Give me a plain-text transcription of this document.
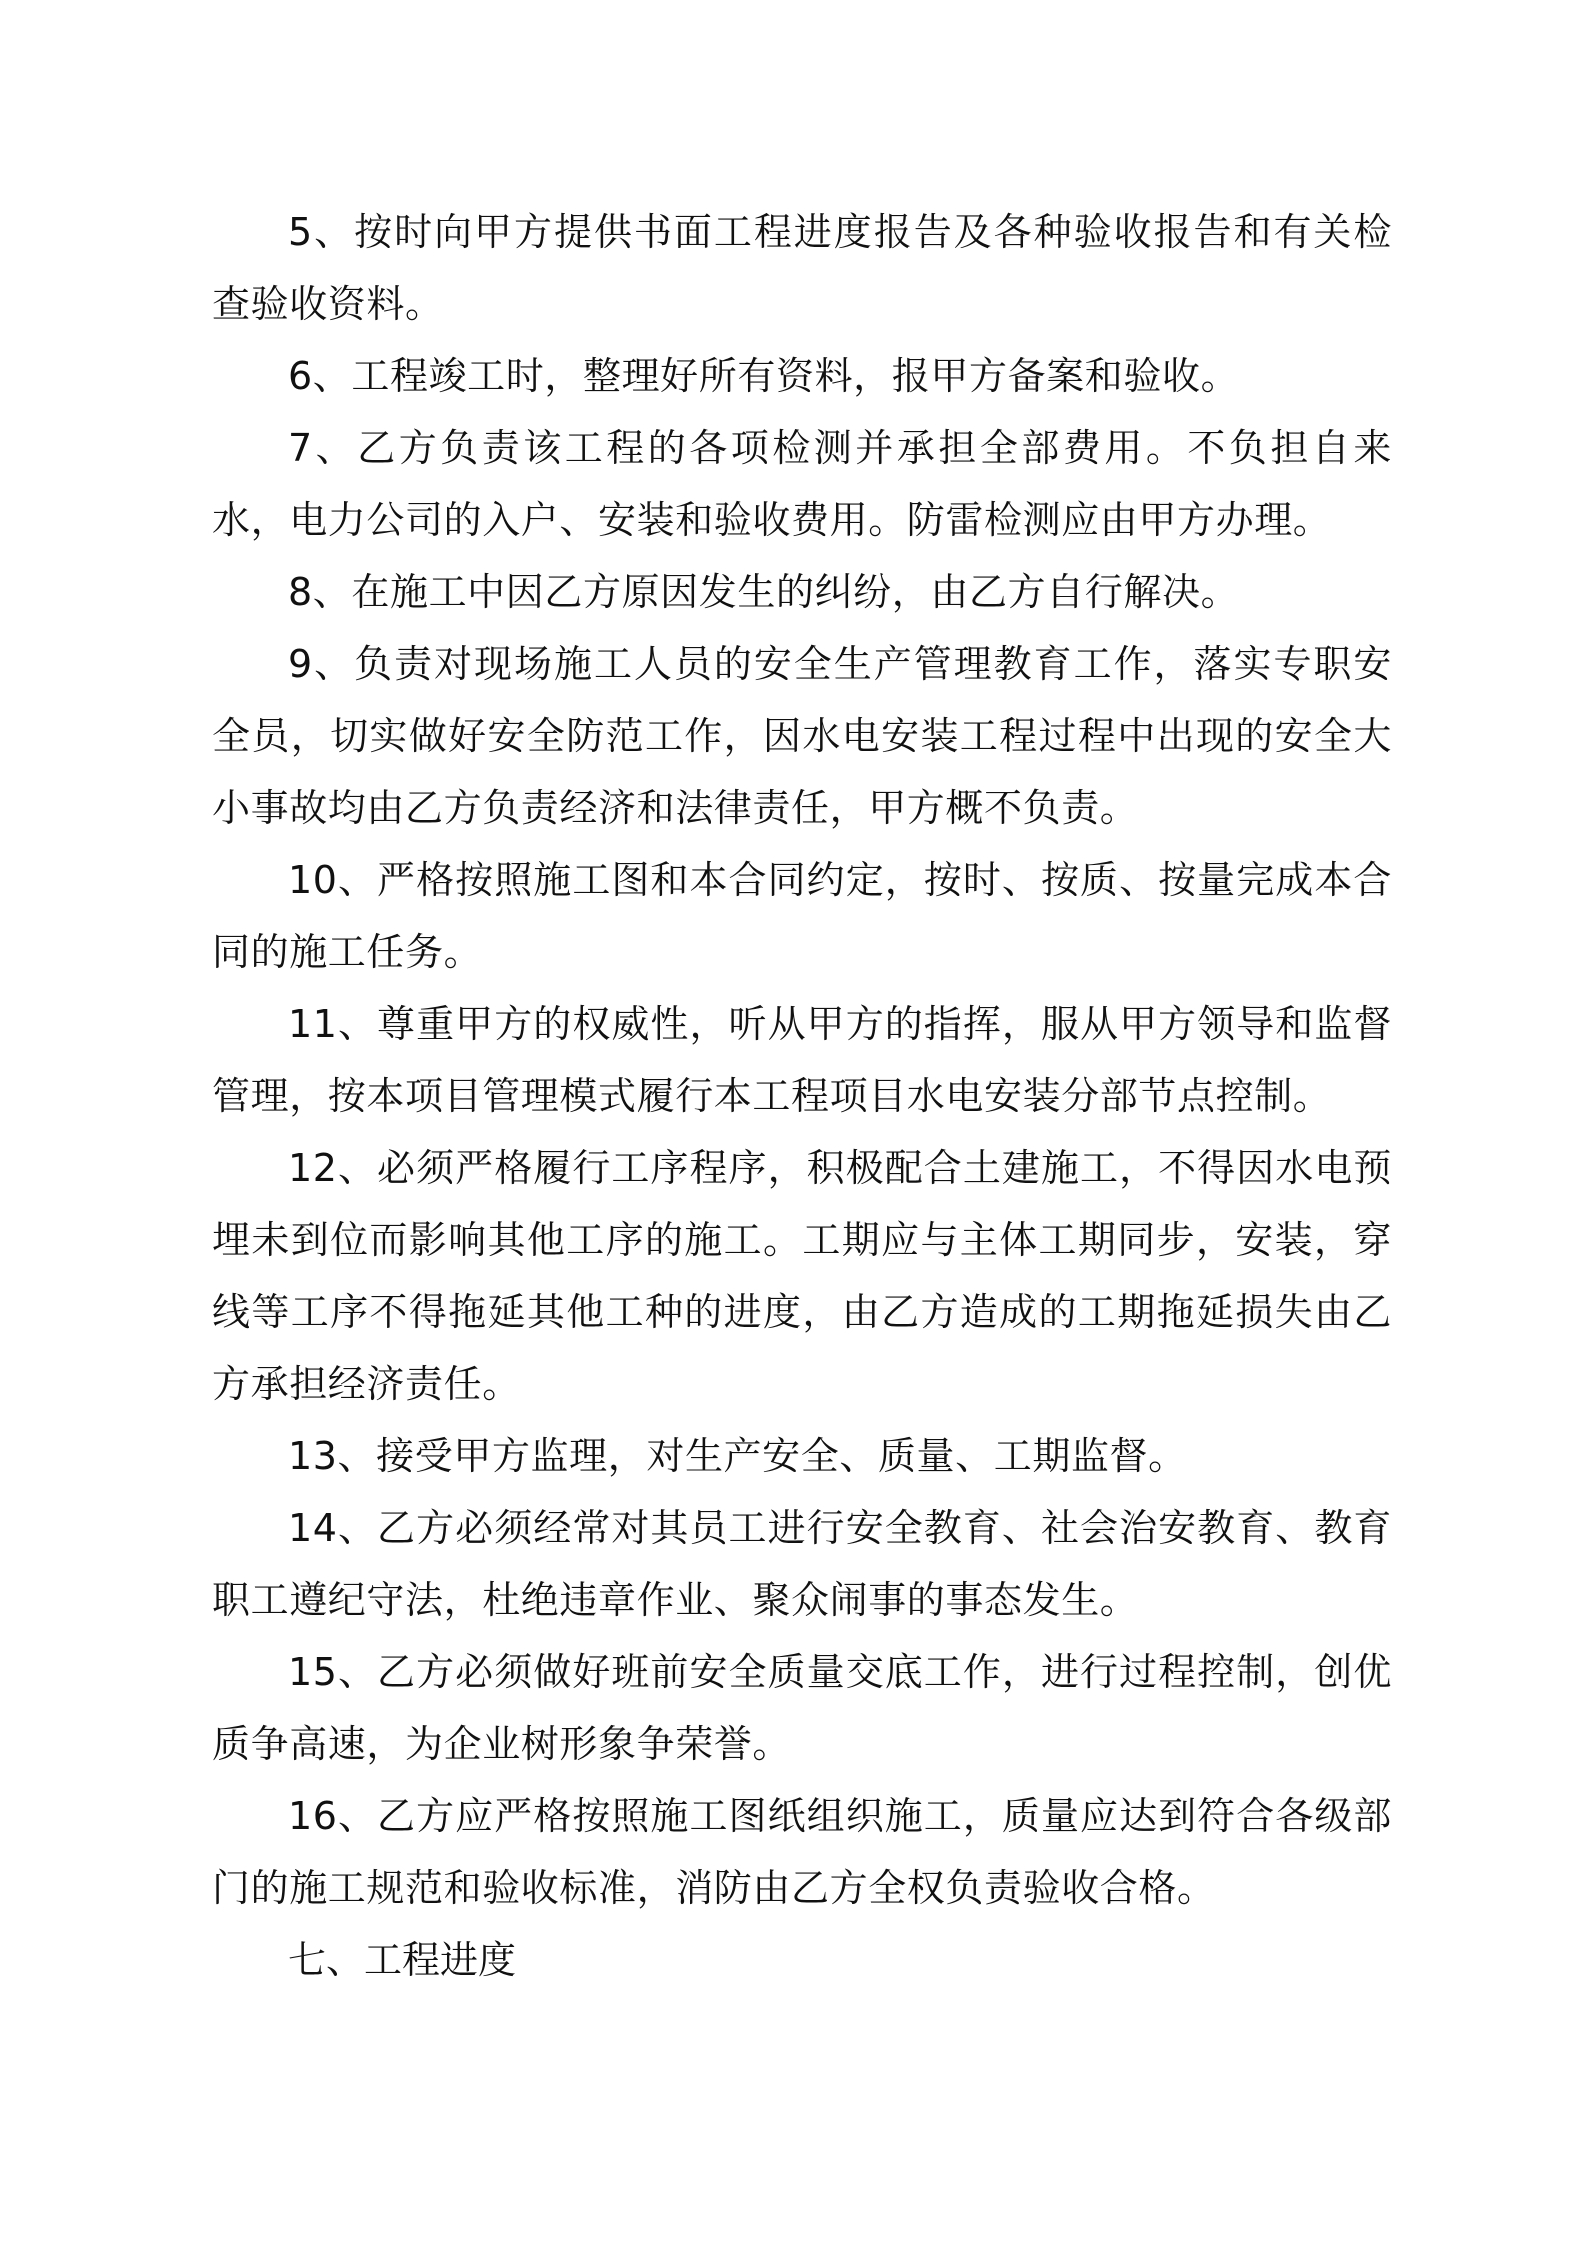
5、按时向甲方提供书面工程进度报告及各种验收报告和有关检查验收资料。

6、工程竣工时，整理好所有资料，报甲方备案和验收。

7、乙方负责该工程的各项检测并承担全部费用。不负担自来水，电力公司的入户、安装和验收费用。防雷检测应由甲方办理。

8、在施工中因乙方原因发生的纠纷，由乙方自行解决。

9、负责对现场施工人员的安全生产管理教育工作，落实专职安全员，切实做好安全防范工作，因水电安装工程过程中出现的安全大小事故均由乙方负责经济和法律责任，甲方概不负责。

10、严格按照施工图和本合同约定，按时、按质、按量完成本合同的施工任务。

11、尊重甲方的权威性，听从甲方的指挥，服从甲方领导和监督管理，按本项目管理模式履行本工程项目水电安装分部节点控制。

12、必须严格履行工序程序，积极配合土建施工，不得因水电预埋未到位而影响其他工序的施工。工期应与主体工期同步，安装，穿线等工序不得拖延其他工种的进度，由乙方造成的工期拖延损失由乙方承担经济责任。

13、接受甲方监理，对生产安全、质量、工期监督。

14、乙方必须经常对其员工进行安全教育、社会治安教育、教育职工遵纪守法，杜绝违章作业、聚众闹事的事态发生。

15、乙方必须做好班前安全质量交底工作，进行过程控制，创优质争高速，为企业树形象争荣誉。

16、乙方应严格按照施工图纸组织施工，质量应达到符合各级部门的施工规范和验收标准，消防由乙方全权负责验收合格。

七、工程进度
